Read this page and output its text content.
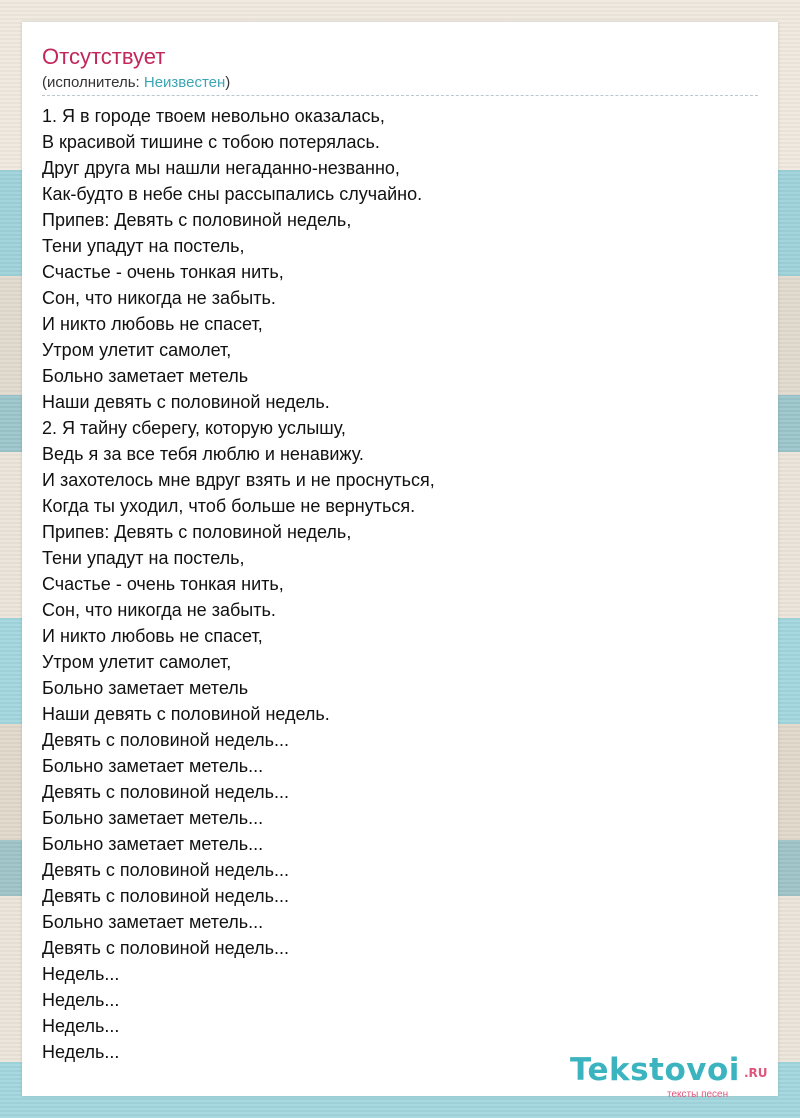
Отсутствует
(исполнитель: Неизвестен)
1. Я в городе твоем невольно оказалась,
В красивой тишине с тобою потерялась.
Друг друга мы нашли негаданно-незванно,
Как-будто в небе сны рассыпались случайно.
Припев: Девять с половиной недель,
Тени упадут на постель,
Счастье - очень тонкая нить,
Сон, что никогда не забыть.
И никто любовь не спасет,
Утром улетит самолет,
Больно заметает метель
Наши девять с половиной недель.
2. Я тайну сберегу, которую услышу,
Ведь я за все тебя люблю и ненавижу.
И захотелось мне вдруг взять и не проснуться,
Когда ты уходил, чтоб больше не вернуться.
Припев: Девять с половиной недель,
Тени упадут на постель,
Счастье - очень тонкая нить,
Сон, что никогда не забыть.
И никто любовь не спасет,
Утром улетит самолет,
Больно заметает метель
Наши девять с половиной недель.
Девять с половиной недель...
Больно заметает метель...
Девять с половиной недель...
Больно заметает метель...
Больно заметает метель...
Девять с половиной недель...
Девять с половиной недель...
Больно заметает метель...
Девять с половиной недель...
Недель...
Недель...
Недель...
Недель...	Tekstovoi .RU
тексты песен
